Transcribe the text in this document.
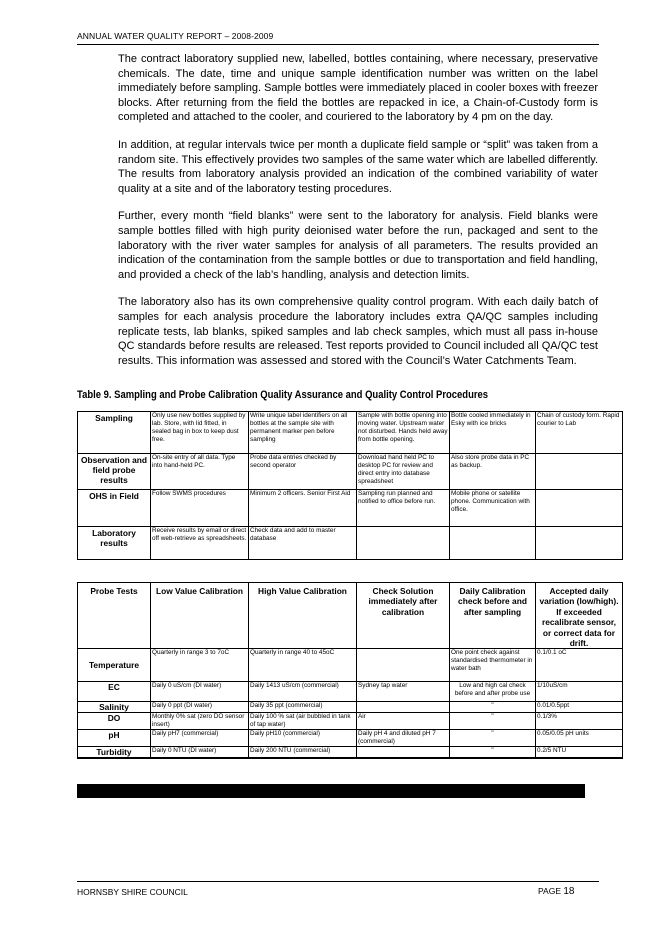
ANNUAL WATER QUALITY REPORT – 2008-2009

The contract laboratory supplied new, labelled, bottles containing, where necessary, preservative chemicals. The date, time and unique sample identification number was written on the label immediately before sampling. Sample bottles were immediately placed in cooler boxes with freezer blocks. After returning from the field the bottles are repacked in ice, a Chain-of-Custody form is completed and attached to the cooler, and couriered to the laboratory by 4 pm on the day.

In addition, at regular intervals twice per month a duplicate field sample or “split” was taken from a random site. This effectively provides two samples of the same water which are labelled differently. The results from laboratory analysis provided an indication of the combined variability of water quality at a site and of the laboratory testing procedures.

Further, every month “field blanks” were sent to the laboratory for analysis. Field blanks were sample bottles filled with high purity deionised water before the run, packaged and sent to the laboratory with the river water samples for analysis of all parameters. The results provided an indication of the contamination from the sample bottles or due to transportation and field handling, and provided a check of the lab’s handling, analysis and detection limits.

The laboratory also has its own comprehensive quality control program. With each daily batch of samples for each analysis procedure the laboratory includes extra QA/QC samples including replicate tests, lab blanks, spiked samples and lab check samples, which must all pass in-house QC standards before results are released. Test reports provided to Council included all QA/QC test results. This information was assessed and stored with the Council’s Water Catchments Team.

Table 9. Sampling and Probe Calibration Quality Assurance and Quality Control Procedures
Sampling	Only use new bottles supplied by lab. Store, with lid fitted, in sealed bag in box to keep dust free.	Write unique label identifiers on all bottles at the sample site with permanent marker pen before sampling	Sample with bottle opening into moving water. Upstream water not disturbed. Hands held away from bottle opening.	Bottle cooled immediately in Esky with ice bricks	Chain of custody form. Rapid courier to Lab
Observation and field probe results	On-site entry of all data. Type into hand-held PC.	Probe data entries checked by second operator	Download hand held PC to desktop PC for review and direct entry into database spreadsheet	Also store probe data in PC as backup.	
OHS in Field	Follow SWMS procedures	Minimum 2 officers. Senior First Aid	Sampling run planned and notified to office before run.	Mobile phone or satellite phone. Communication with office.	
Laboratory results	Receive results by email or direct off web-retrieve as spreadsheets.	Check data and add to master database			
Probe Tests	Low Value Calibration	High Value Calibration	Check Solution immediately after calibration	Daily Calibration check before and after sampling	Accepted daily variation (low/high). If exceeded recalibrate sensor, or correct data for drift.
Temperature	Quarterly in range 3 to 7oC	Quarterly in range 40 to 45oC		One point check against standardised thermometer in water bath	0.1/0.1 oC
EC	Daily 0 uS/cm (DI water)	Daily 1413 uS/cm (commercial)	Sydney tap water	Low and high cal check before and after probe use	1/10uS/cm
Salinity	Daily 0 ppt (DI water)	Daily 35 ppt (commercial)		"	0.01/0.5ppt
DO	Monthly 0% sat (zero DO sensor insert)	Daily 100 % sat (air bubbled in tank of tap water)	Air	"	0.1/3%
pH	Daily pH7 (commercial)	Daily pH10 (commercial)	Daily pH 4 and diluted pH 7 (commercial)	"	0.05/0.05 pH units
Turbidity	Daily 0 NTU (DI water)	Daily 200 NTU (commercial)		"	0.2/5 NTU
HORNSBY SHIRE COUNCIL	PAGE 18
